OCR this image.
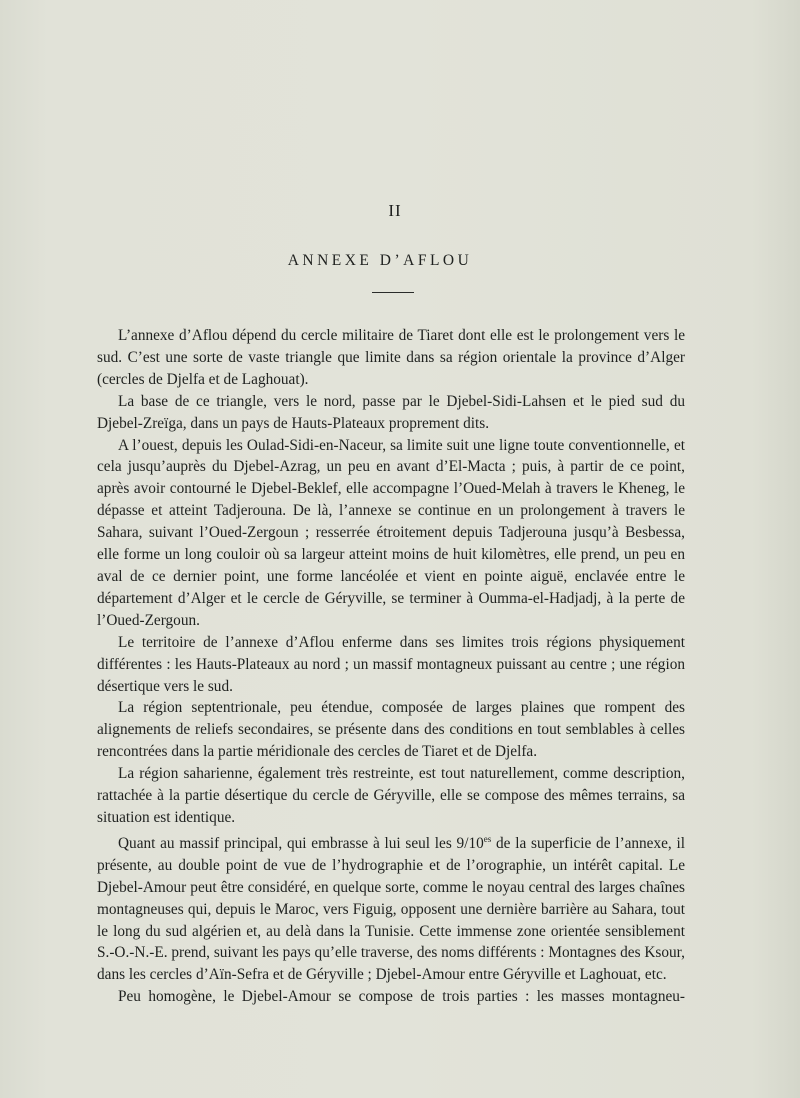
II
ANNEXE D’AFLOU

L’annexe d’Aflou dépend du cercle militaire de Tiaret dont elle est le prolongement vers le sud. C’est une sorte de vaste triangle que limite dans sa région orientale la province d’Alger (cercles de Djelfa et de Laghouat).

La base de ce triangle, vers le nord, passe par le Djebel-Sidi-Lahsen et le pied sud du Djebel-Zreïga, dans un pays de Hauts-Plateaux proprement dits.

A l’ouest, depuis les Oulad-Sidi-en-Naceur, sa limite suit une ligne toute conventionnelle, et cela jusqu’auprès du Djebel-Azrag, un peu en avant d’El-Macta ; puis, à partir de ce point, après avoir contourné le Djebel-Beklef, elle accompagne l’Oued-Melah à travers le Kheneg, le dépasse et atteint Tadjerouna. De là, l’annexe se continue en un prolongement à travers le Sahara, suivant l’Oued-Zergoun ; resserrée étroitement depuis Tadjerouna jusqu’à Besbessa, elle forme un long couloir où sa largeur atteint moins de huit kilomètres, elle prend, un peu en aval de ce dernier point, une forme lancéolée et vient en pointe aiguë, enclavée entre le département d’Alger et le cercle de Géryville, se terminer à Oumma-el-Hadjadj, à la perte de l’Oued-Zergoun.

Le territoire de l’annexe d’Aflou enferme dans ses limites trois régions physiquement différentes : les Hauts-Plateaux au nord ; un massif montagneux puissant au centre ; une région désertique vers le sud.

La région septentrionale, peu étendue, composée de larges plaines que rompent des alignements de reliefs secondaires, se présente dans des conditions en tout semblables à celles rencontrées dans la partie méridionale des cercles de Tiaret et de Djelfa.

La région saharienne, également très restreinte, est tout naturellement, comme description, rattachée à la partie désertique du cercle de Géryville, elle se compose des mêmes terrains, sa situation est identique.

Quant au massif principal, qui embrasse à lui seul les $9/10^{es}$ de la superficie de l’annexe, il présente, au double point de vue de l’hydrographie et de l’orographie, un intérêt capital. Le Djebel-Amour peut être considéré, en quelque sorte, comme le noyau central des larges chaînes montagneuses qui, depuis le Maroc, vers Figuig, opposent une dernière barrière au Sahara, tout le long du sud algérien et, au delà dans la Tunisie. Cette immense zone orientée sensiblement S.-O.-N.-E. prend, suivant les pays qu’elle traverse, des noms différents : Montagnes des Ksour, dans les cercles d’Aïn-Sefra et de Géryville ; Djebel-Amour entre Géryville et Laghouat, etc.

Peu homogène, le Djebel-Amour se compose de trois parties : les masses montagneu-
